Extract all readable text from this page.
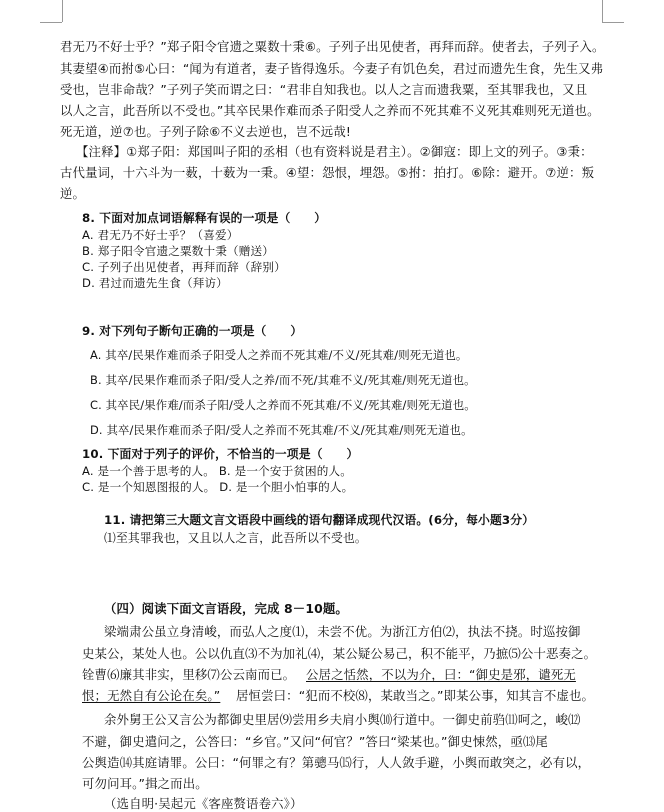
君无乃不好士乎？”郑子阳令官遗之粟数十秉⑥。子列子出见使者，再拜而辞。使者去，子列子入。
其妻望④而拊⑤心曰：“闻为有道者，妻子皆得逸乐。今妻子有饥色矣，君过而遗先生食，先生又弗
受也，岂非命哉？”子列子笑而谓之曰：“君非自知我也。以人之言而遗我粟，至其罪我也，又且
以人之言，此吾所以不受也。”其卒民果作难而杀子阳受人之养而不死其难不义死其难则死无道也。
死无道，逆⑦也。子列子除⑥不义去逆也，岂不远哉!
【注释】①郑子阳：郑国叫子阳的丞相（也有资料说是君主）。②御寇：即上文的列子。③秉：
古代量词，十六斗为一薮，十薮为一秉。④望：怨恨，埋怨。⑤拊：拍打。⑥除：避开。⑦逆：叛
逆。
8. 下面对加点词语解释有误的一项是（　　）
A. 君无乃不好士乎？（喜爱）
B. 郑子阳令官遗之粟数十秉（赠送）
C. 子列子出见使者，再拜而辞（辞别）
D. 君过而遗先生食（拜访）
9. 对下列句子断句正确的一项是（　　）
A. 其卒/民果作难而杀子阳受人之养而不死其难/不义/死其难/则死无道也。
B. 其卒/民果作难而杀子阳/受人之养/而不死/其难不义/死其难/则死无道也。
C. 其卒民/果作难/而杀子阳/受人之养而不死其难/不义/死其难/则死无道也。
D. 其卒/民果作难而杀子阳/受人之养而不死其难/不义/死其难/则死无道也。
10. 下面对于列子的评价，不恰当的一项是（　　）
A. 是一个善于思考的人。 B. 是一个安于贫困的人。
C. 是一个知恩图报的人。 D. 是一个胆小怕事的人。
11. 请把第三大题文言文语段中画线的语句翻译成现代汉语。(6分，每小题3分）
⑴至其罪我也，又且以人之言，此吾所以不受也。
（四）阅读下面文言语段，完成 8－10题。
梁端肃公虽立身清峻，而弘人之度⑴，未尝不优。为浙江方伯⑵，执法不挠。时巡按御
史某公，某处人也。公以仇直⑶不为加礼⑷，某公疑公易己，积不能平，乃摭⑸公十恶奏之。
铨曹⑹廉其非实，里移⑺公云南而已。 公居之恬然，不以为介，曰：“御史是邪，谴死无
恨；无然自有公论在矣。” 居恒尝曰：“犯而不校⑻，某敢当之。”即某公事，知其言不虚也。
余外舅王公又言公为都御史里居⑼尝用乡夫肩小舆⑽行道中。一御史前驺⑾呵之，峻⑿
不避，御史遣问之，公答曰：“乡官。”又问“何官？”答曰“梁某也。”御史悚然，亟⒀尾
公舆造⒁其庭请罪。公曰：“何罪之有？第骢马⒂行，人人敛手避，小舆而敢突之，必有以，
可勿问耳。”揖之而出。
（选自明·吴起元《客座赘语卷六》）
